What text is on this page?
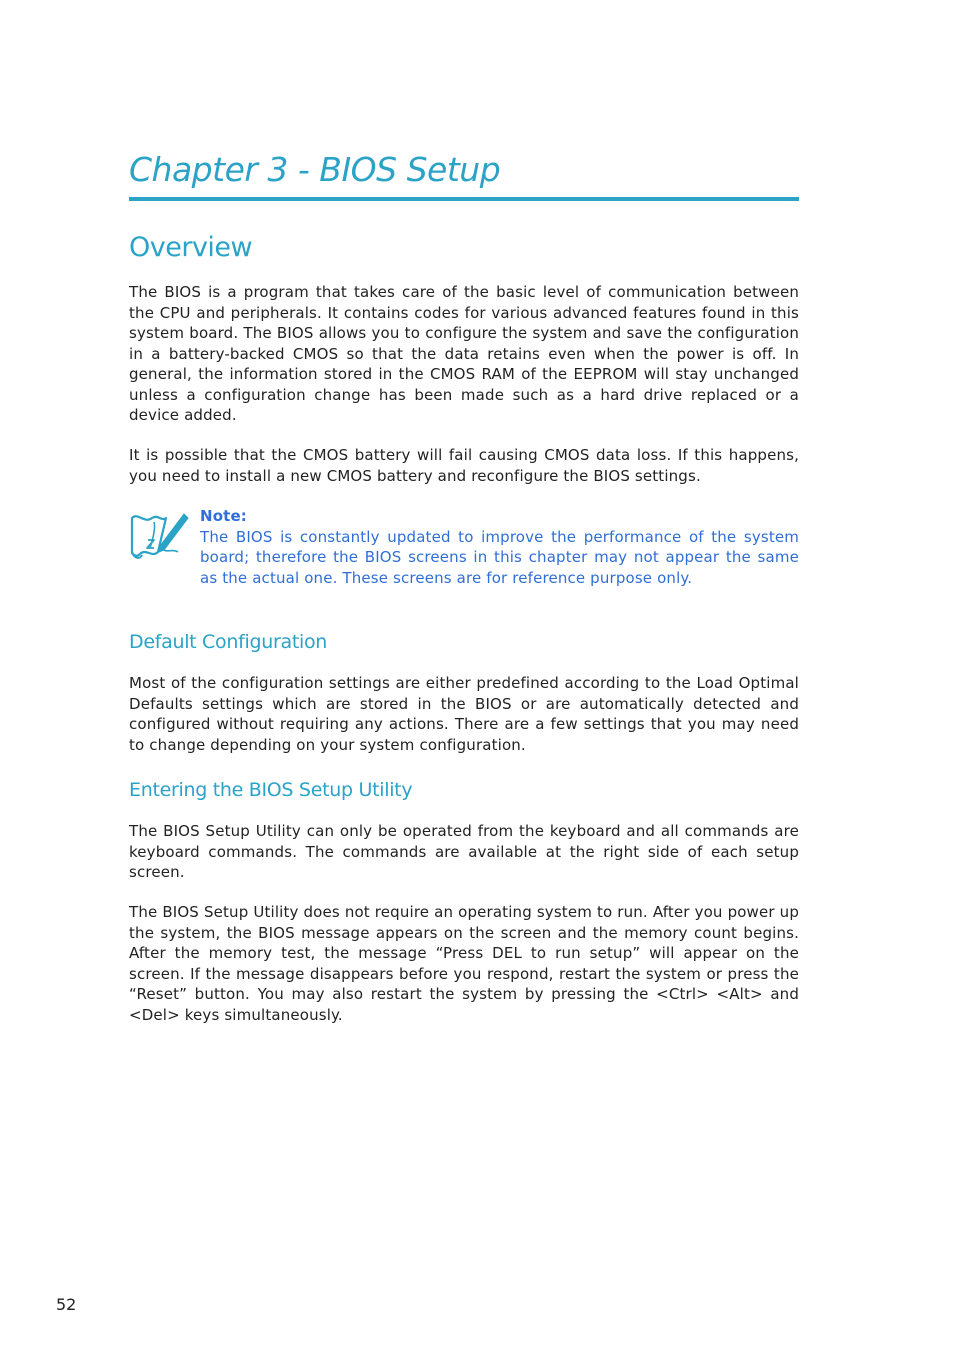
Chapter 3 - BIOS Setup
Overview

The BIOS is a program that takes care of the basic level of communication between the CPU and peripherals. It contains codes for various advanced features found in this system board. The BIOS allows you to configure the system and save the configuration in a battery-backed CMOS so that the data retains even when the power is off. In general, the information stored in the CMOS RAM of the EEPROM will stay unchanged unless a configuration change has been made such as a hard drive replaced or a device added.

It is possible that the CMOS battery will fail causing CMOS data loss. If this happens, you need to install a new CMOS battery and reconfigure the BIOS settings.

Note:

The BIOS is constantly updated to improve the performance of the system board; therefore the BIOS screens in this chapter may not appear the same as the actual one. These screens are for reference purpose only.

Default Configuration

Most of the configuration settings are either predefined according to the Load Optimal Defaults settings which are stored in the BIOS or are automatically detected and configured without requiring any actions. There are a few settings that you may need to change depending on your system configuration.

Entering the BIOS Setup Utility

The BIOS Setup Utility can only be operated from the keyboard and all commands are keyboard commands. The commands are available at the right side of each setup screen.

The BIOS Setup Utility does not require an operating system to run. After you power up the system, the BIOS message appears on the screen and the memory count begins. After the memory test, the message “Press DEL to run setup” will appear on the screen. If the message disappears before you respond, restart the system or press the “Reset” button. You may also restart the system by pressing the <Ctrl> <Alt> and <Del> keys simultaneously.

52
